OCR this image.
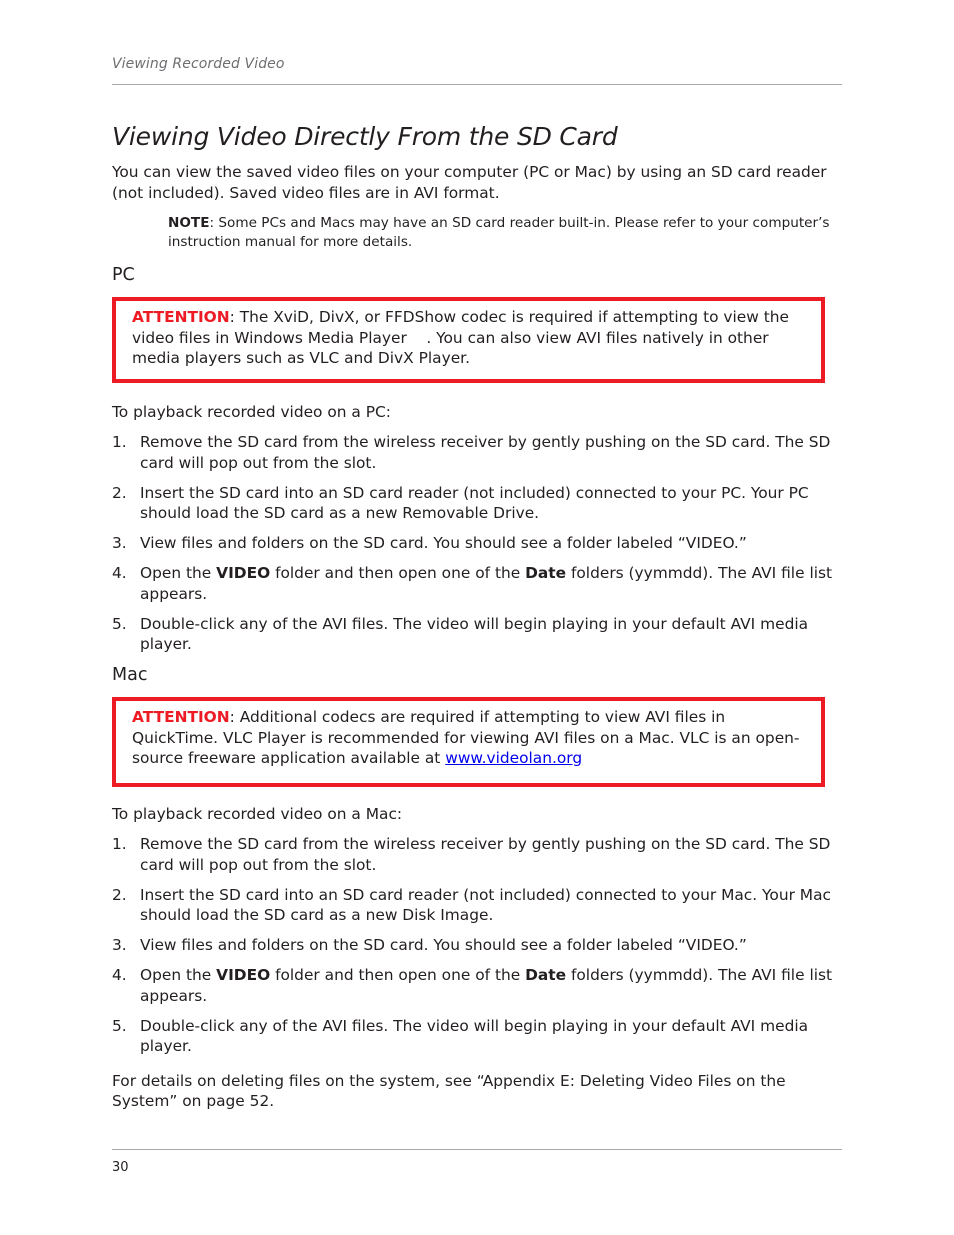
Viewing Recorded Video
Viewing Video Directly From the SD Card

You can view the saved video files on your computer (PC or Mac) by using an SD card reader (not included). Saved video files are in AVI format.

NOTE: Some PCs and Macs may have an SD card reader built-in. Please refer to your computer’s instruction manual for more details.

PC
ATTENTION: The XviD, DivX, or FFDShow codec is required if attempting to view the video files in Windows Media Player    . You can also view AVI files natively in other media players such as VLC and DivX Player.

To playback recorded video on a PC:

1. Remove the SD card from the wireless receiver by gently pushing on the SD card. The SD card will pop out from the slot.
2. Insert the SD card into an SD card reader (not included) connected to your PC. Your PC should load the SD card as a new Removable Drive.
3. View files and folders on the SD card. You should see a folder labeled “VIDEO.”
4. Open the VIDEO folder and then open one of the Date folders (yymmdd). The AVI file list appears.
5. Double-click any of the AVI files. The video will begin playing in your default AVI media player.
Mac
ATTENTION: Additional codecs are required if attempting to view AVI files in QuickTime. VLC Player is recommended for viewing AVI files on a Mac. VLC is an open-source freeware application available at www.videolan.org

To playback recorded video on a Mac:

1. Remove the SD card from the wireless receiver by gently pushing on the SD card. The SD card will pop out from the slot.
2. Insert the SD card into an SD card reader (not included) connected to your Mac. Your Mac should load the SD card as a new Disk Image.
3. View files and folders on the SD card. You should see a folder labeled “VIDEO.”
4. Open the VIDEO folder and then open one of the Date folders (yymmdd). The AVI file list appears.
5. Double-click any of the AVI files. The video will begin playing in your default AVI media player.

For details on deleting files on the system, see “Appendix E: Deleting Video Files on the System” on page 52.

30
